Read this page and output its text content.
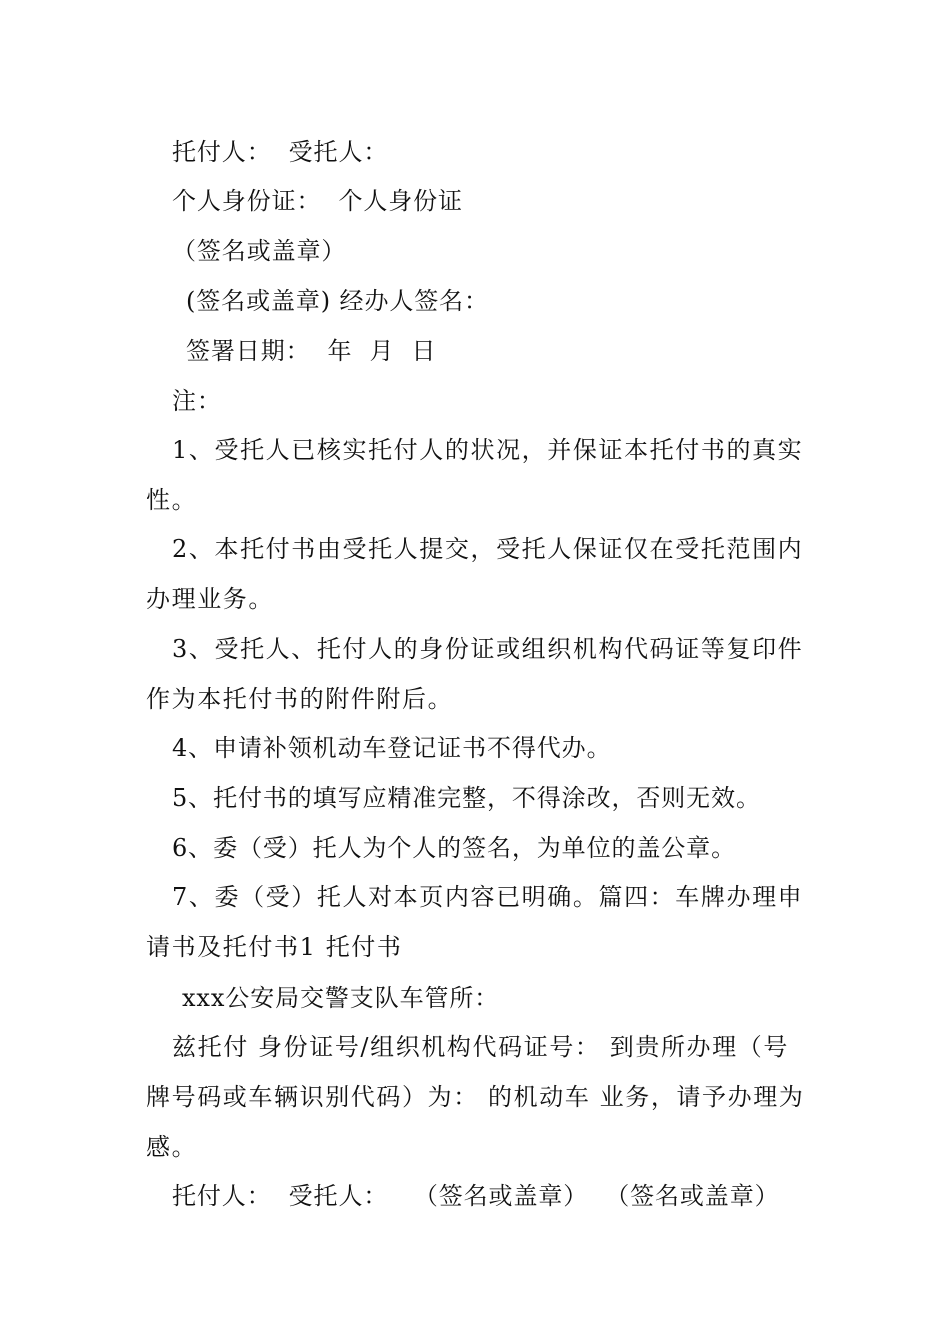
托付人：  受托人：
个人身份证：  个人身份证
（签名或盖章）
(签名或盖章) 经办人签名：
签署日期：  年  月  日
注：
1、受托人已核实托付人的状况，并保证本托付书的真实性。
2、本托付书由受托人提交，受托人保证仅在受托范围内办理业务。
3、受托人、托付人的身份证或组织机构代码证等复印件作为本托付书的附件附后。
4、申请补领机动车登记证书不得代办。
5、托付书的填写应精准完整，不得涂改，否则无效。
6、委（受）托人为个人的签名，为单位的盖公章。
7、委（受）托人对本页内容已明确。篇四：车牌办理申请书及托付书1 托付书
xxx公安局交警支队车管所：
兹托付 身份证号/组织机构代码证号： 到贵所办理（号牌号码或车辆识别代码）为： 的机动车 业务，请予办理为感。
托付人：  受托人：   （签名或盖章）  （签名或盖章）
